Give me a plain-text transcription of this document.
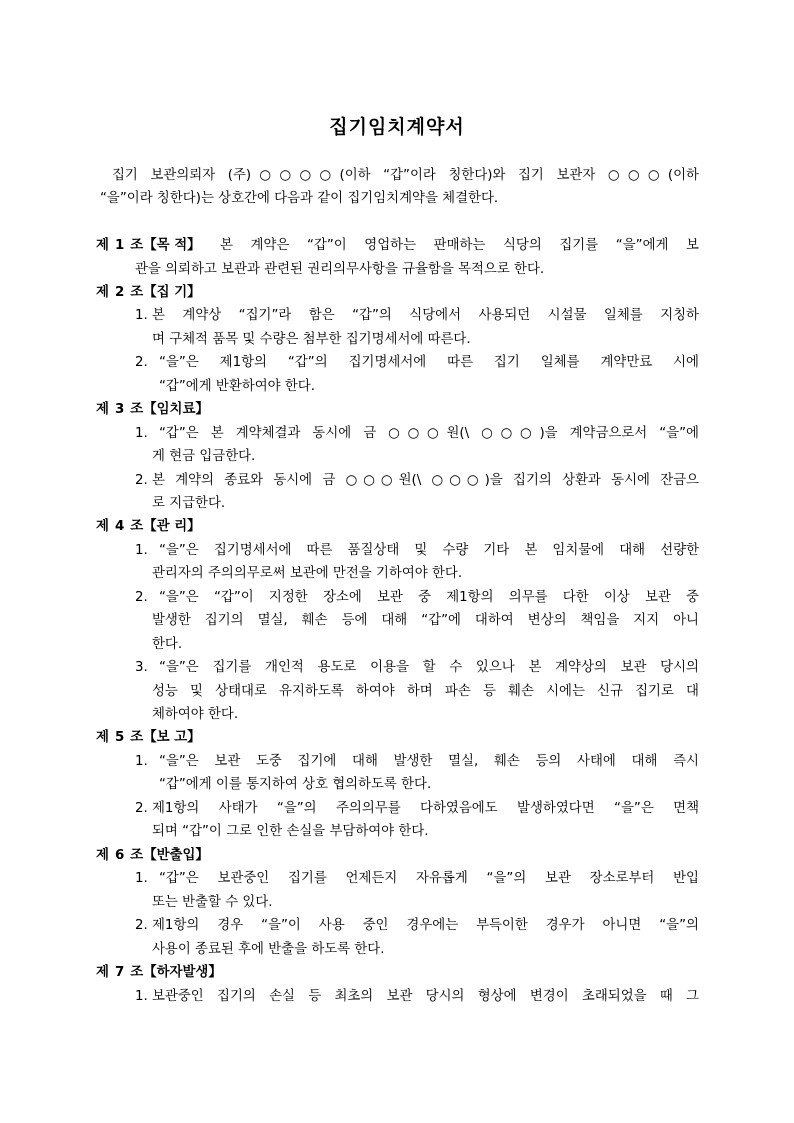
집기임치계약서
집기 보관의뢰자 (주)○○○○(이하 “갑”이라 칭한다)와 집기 보관자 ○○○(이하
“을”이라 칭한다)는 상호간에 다음과 같이 집기임치계약을 체결한다.
제 1 조【목 적】 본 계약은 “갑”이 영업하는 판매하는 식당의 집기를 “을”에게 보
관을 의뢰하고 보관과 관련된 권리의무사항을 규율함을 목적으로 한다.
제 2 조【집 기】
1. 본 계약상 “집기”라 함은 “갑”의 식당에서 사용되던 시설물 일체를 지칭하
며 구체적 품목 및 수량은 첨부한 집기명세서에 따른다.
2. “을”은 제1항의 “갑”의 집기명세서에 따른 집기 일체를 계약만료 시에
“갑”에게 반환하여야 한다.
제 3 조【임치료】
1. “갑”은 본 계약체결과 동시에 금 ○○○원(\ ○○○)을 계약금으로서 “을”에
게 현금 입금한다.
2. 본 계약의 종료와 동시에 금 ○○○원(\ ○○○)을 집기의 상환과 동시에 잔금으
로 지급한다.
제 4 조【관 리】
1. “을”은 집기명세서에 따른 품질상태 및 수량 기타 본 임치물에 대해 선량한
관리자의 주의의무로써 보관에 만전을 기하여야 한다.
2. “을”은 “갑”이 지정한 장소에 보관 중 제1항의 의무를 다한 이상 보관 중
발생한 집기의 멸실, 훼손 등에 대해 “갑”에 대하여 변상의 책임을 지지 아니
한다.
3. “을”은 집기를 개인적 용도로 이용을 할 수 있으나 본 계약상의 보관 당시의
성능 및 상태대로 유지하도록 하여야 하며 파손 등 훼손 시에는 신규 집기로 대
체하여야 한다.
제 5 조【보 고】
1. “을”은 보관 도중 집기에 대해 발생한 멸실, 훼손 등의 사태에 대해 즉시
“갑”에게 이를 통지하여 상호 협의하도록 한다.
2. 제1항의 사태가 “을”의 주의의무를 다하였음에도 발생하였다면 “을”은 면책
되며 “갑”이 그로 인한 손실을 부담하여야 한다.
제 6 조【반출입】
1. “갑”은 보관중인 집기를 언제든지 자유롭게 “을”의 보관 장소로부터 반입
또는 반출할 수 있다.
2. 제1항의 경우 “을”이 사용 중인 경우에는 부득이한 경우가 아니면 “을”의
사용이 종료된 후에 반출을 하도록 한다.
제 7 조【하자발생】
1. 보관중인 집기의 손실 등 최초의 보관 당시의 형상에 변경이 초래되었을 때 그
